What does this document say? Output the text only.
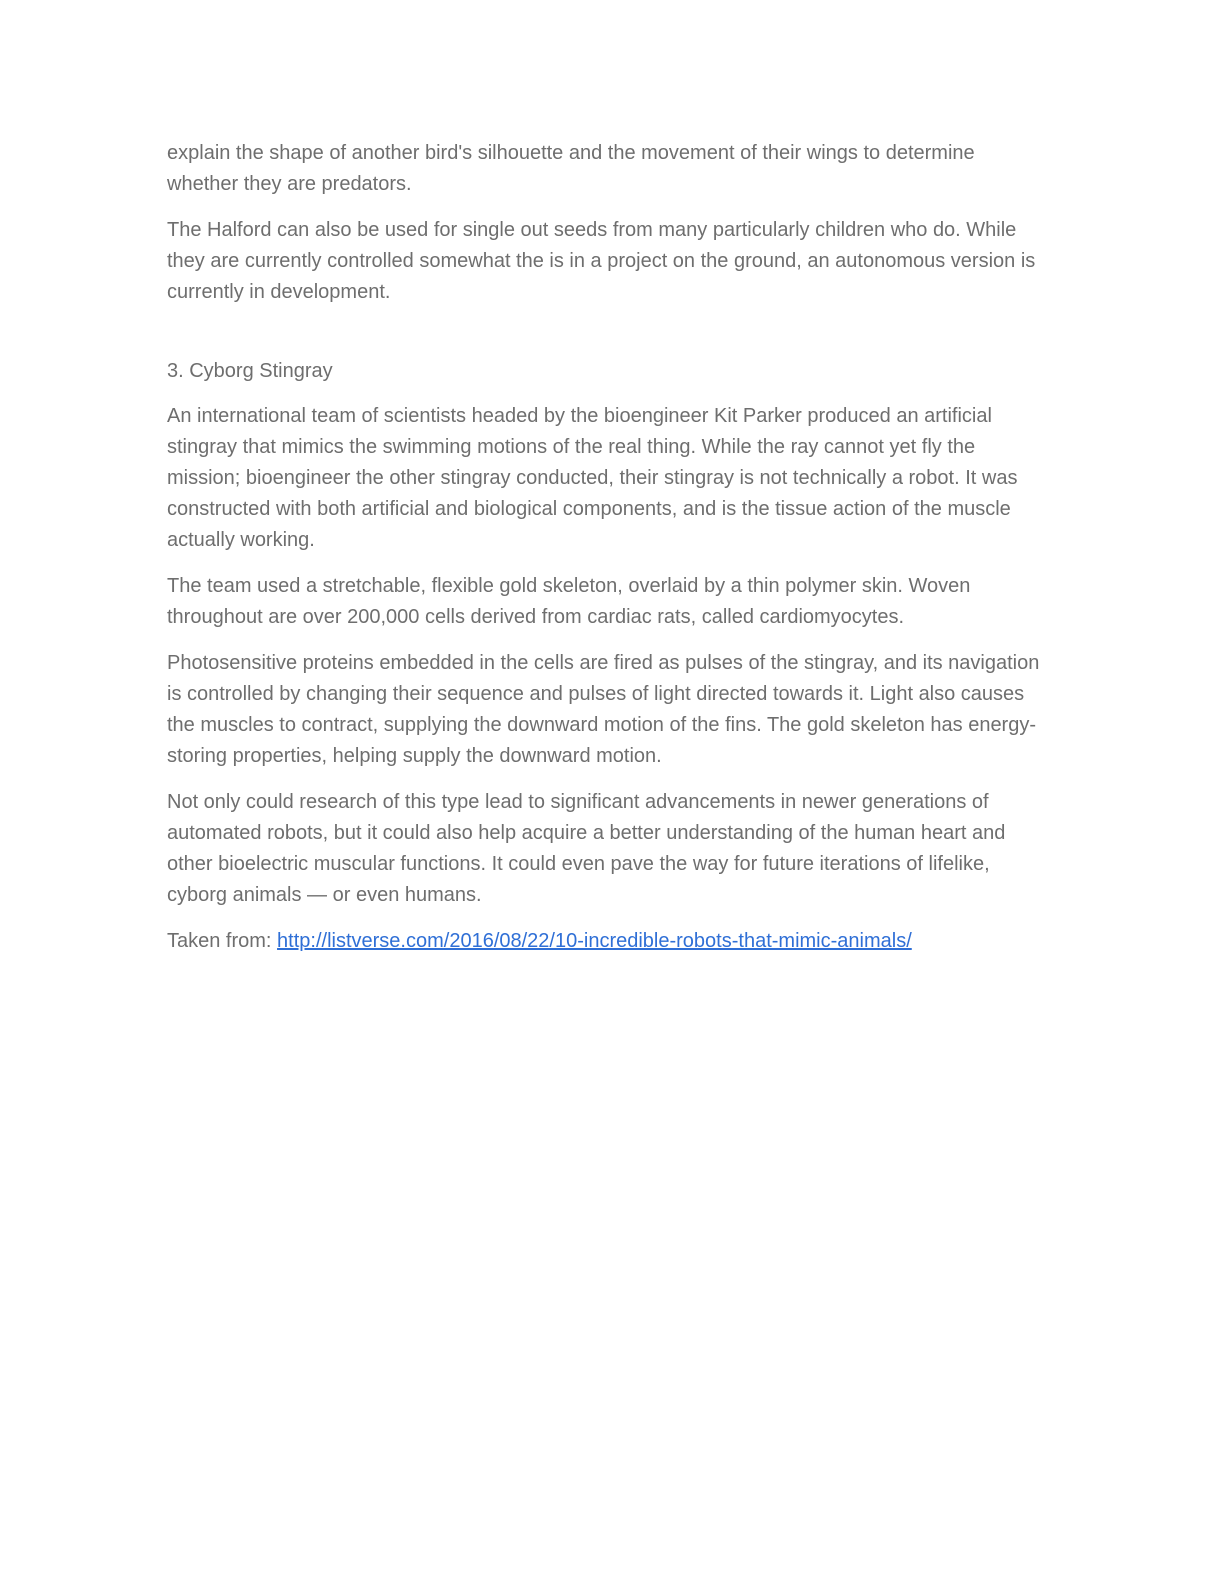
explain the shape of another bird's silhouette and the movement of their wings to determine whether they are predators.

The Halford can also be used for single out seeds from many particularly children who do. While they are currently controlled somewhat the is in a project on the ground, an autonomous version is currently in development.

3. Cyborg Stingray

An international team of scientists headed by the bioengineer Kit Parker produced an artificial stingray that mimics the swimming motions of the real thing. While the ray cannot yet fly the mission; bioengineer the other stingray conducted, their stingray is not technically a robot. It was constructed with both artificial and biological components, and is the tissue action of the muscle actually working.

The team used a stretchable, flexible gold skeleton, overlaid by a thin polymer skin. Woven throughout are over 200,000 cells derived from cardiac rats, called cardiomyocytes.

Photosensitive proteins embedded in the cells are fired as pulses of the stingray, and its navigation is controlled by changing their sequence and pulses of light directed towards it. Light also causes the muscles to contract, supplying the downward motion of the fins. The gold skeleton has energy-storing properties, helping supply the downward motion.

Not only could research of this type lead to significant advancements in newer generations of automated robots, but it could also help acquire a better understanding of the human heart and other bioelectric muscular functions. It could even pave the way for future iterations of lifelike, cyborg animals — or even humans.

Taken from: http://listverse.com/2016/08/22/10-incredible-robots-that-mimic-animals/
